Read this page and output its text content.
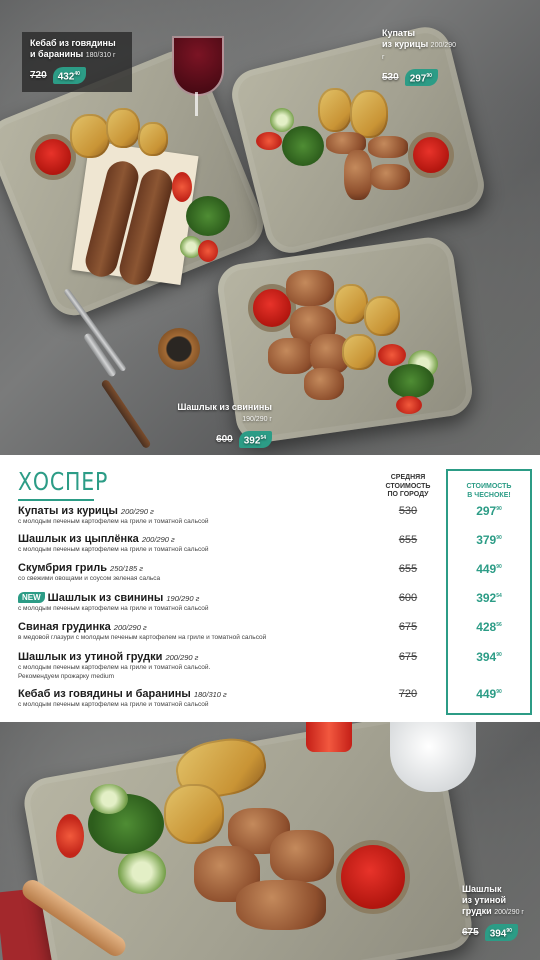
Кебаб из говядины
и баранины 180/310 г
720	$432^{40}$
Купаты
из курицы 200/290 г
530	$297^{90}$
Шашлык из свинины 190/290 г
600	$392^{54}$
ХОСПЕР	СРЕДНЯЯ
СТОИМОСТЬ
ПО ГОРОДУ
СТОИМОСТЬ
В ЧЕСНОКЕ!
Купаты из курицы 200/290 г
с молодым печеным картофелем на гриле и томатной сальсой
530	$297^{90}$
Шашлык из цыплёнка 200/290 г
с молодым печеным картофелем на гриле и томатной сальсой
655	$379^{90}$
Скумбрия гриль 250/185 г
со свежими овощами и соусом зеленая сальса
655	$449^{90}$
NEW Шашлык из свинины 190/290 г
с молодым печеным картофелем на гриле и томатной сальсой
600	$392^{54}$
Свиная грудинка 200/290 г
в медовой глазури с молодым печеным картофелем на гриле и томатной сальсой
675	$428^{56}$
Шашлык из утиной грудки 200/290 г
с молодым печеным картофелем на гриле и томатной сальсой.
Рекомендуем прожарку medium
675	$394^{90}$
Кебаб из говядины и баранины 180/310 г
с молодым печеным картофелем на гриле и томатной сальсой
720	$449^{90}$
Шашлык
из утиной
грудки 200/290 г
675	$394^{90}$
